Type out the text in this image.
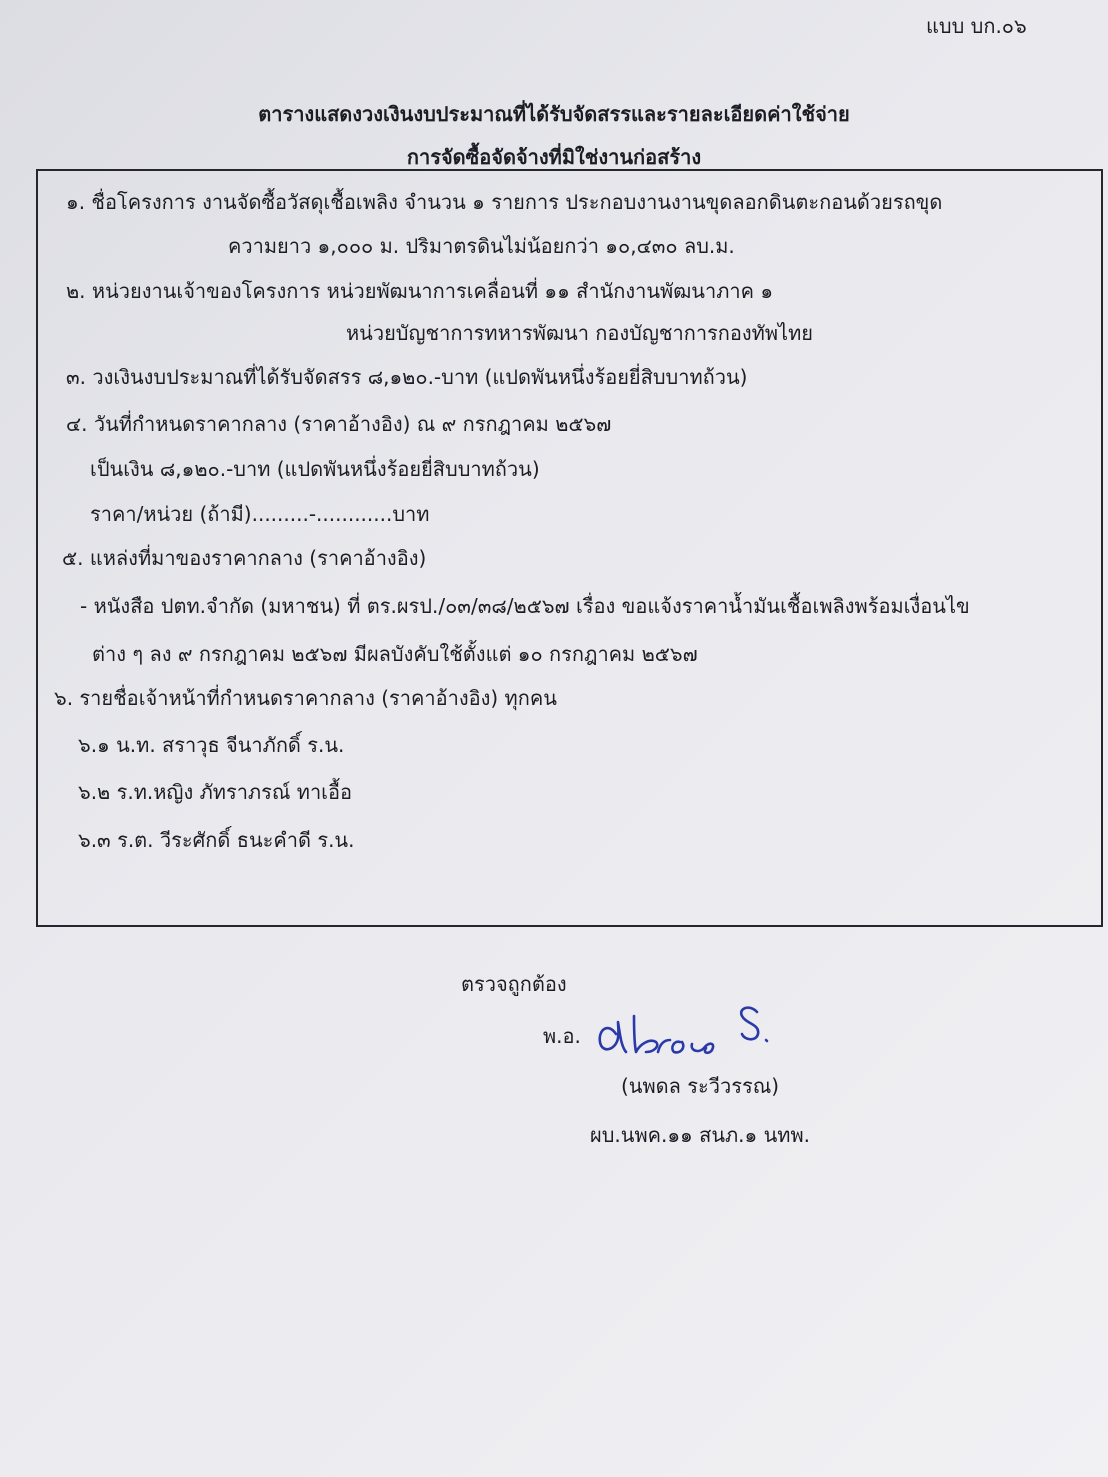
แบบ บก.๐๖
ตารางแสดงวงเงินงบประมาณที่ได้รับจัดสรรและรายละเอียดค่าใช้จ่าย
การจัดซื้อจัดจ้างที่มิใช่งานก่อสร้าง
๑. ชื่อโครงการ งานจัดซื้อวัสดุเชื้อเพลิง จำนวน ๑ รายการ ประกอบงานงานขุดลอกดินตะกอนด้วยรถขุด
ความยาว ๑,๐๐๐ ม. ปริมาตรดินไม่น้อยกว่า ๑๐,๔๓๐ ลบ.ม.
๒. หน่วยงานเจ้าของโครงการ หน่วยพัฒนาการเคลื่อนที่ ๑๑ สำนักงานพัฒนาภาค ๑
หน่วยบัญชาการทหารพัฒนา กองบัญชาการกองทัพไทย
๓. วงเงินงบประมาณที่ได้รับจัดสรร ๘,๑๒๐.-บาท (แปดพันหนึ่งร้อยยี่สิบบาทถ้วน)
๔. วันที่กำหนดราคากลาง (ราคาอ้างอิง) ณ ๙ กรกฎาคม ๒๕๖๗
เป็นเงิน ๘,๑๒๐.-บาท (แปดพันหนึ่งร้อยยี่สิบบาทถ้วน)
ราคา/หน่วย (ถ้ามี).........-............บาท
๕. แหล่งที่มาของราคากลาง (ราคาอ้างอิง)
- หนังสือ ปตท.จำกัด (มหาชน) ที่ ตร.ผรป./๐๓/๓๘/๒๕๖๗ เรื่อง ขอแจ้งราคาน้ำมันเชื้อเพลิงพร้อมเงื่อนไข
ต่าง ๆ ลง ๙ กรกฎาคม ๒๕๖๗ มีผลบังคับใช้ตั้งแต่ ๑๐ กรกฎาคม ๒๕๖๗
๖. รายชื่อเจ้าหน้าที่กำหนดราคากลาง (ราคาอ้างอิง) ทุกคน
๖.๑ น.ท. สราวุธ จีนาภักดิ์ ร.น.
๖.๒ ร.ท.หญิง ภัทราภรณ์ ทาเอื้อ
๖.๓ ร.ต. วีระศักดิ์ ธนะคำดี ร.น.
ตรวจถูกต้อง
พ.อ.
(นพดล ระวีวรรณ)
ผบ.นพค.๑๑ สนภ.๑ นทพ.
